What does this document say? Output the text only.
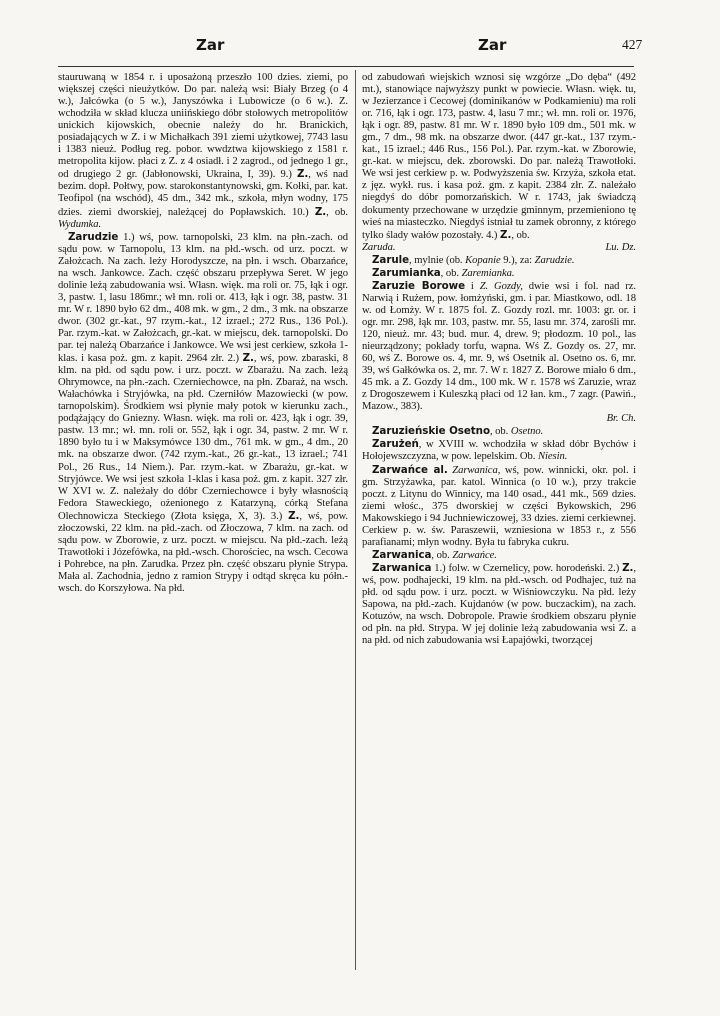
Zar	Zar	427

stauruwaną w 1854 r. i uposażoną przeszło 100 dzies. ziemi, po większej części nieużytków. Do par. należą wsi: Biały Brzeg (o 4 w.), Jałcówka (o 5 w.), Janyszówka i Lubowicze (o 6 w.). Z. wchodziła w skład klucza uniińskiego dóbr stołowych metropolitów unickich kijowskich, obecnie należy do hr. Branickich, posiadających w Z. i w Michałkach 391 ziemi użytkowej, 7743 lasu i 1383 nieuż. Podług reg. pobor. wwdztwa kijowskiego z 1581 r. metropolita kijow. płaci z Z. z 4 osiadł. i 2 zagrod., od jednego 1 gr., od drugiego 2 gr. (Jabłonowski, Ukraina, I, 39). 9.) Z., wś nad bezim. dopł. Połtwy, pow. starokonstantynowski, gm. Kołki, par. kat. Teofipol (na wschód), 45 dm., 342 mk., szkoła, młyn wodny, 175 dzies. ziemi dworskiej, należącej do Popławskich. 10.) Z., ob. Wydumka.

Zarudzie 1.) wś, pow. tarnopolski, 23 klm. na płn.-zach. od sądu pow. w Tarnopolu, 13 klm. na płd.-wsch. od urz. poczt. w Założcach. Na zach. leży Horodyszcze, na płn. i wsch. Obarzańce, na wsch. Jankowce. Zach. część obszaru przepływa Seret. W jego dolinie leżą zabudowania wsi. Własn. więk. ma roli or. 75, łąk i ogr. 3, pastw. 1, lasu 186mr.; wł mn. roli or. 413, łąk i ogr. 38, pastw. 31 mr. W r. 1890 było 62 dm., 408 mk. w gm., 2 dm., 3 mk. na obszarze dwor. (302 gr.-kat., 97 rzym.-kat., 12 izrael.; 272 Rus., 136 Pol.). Par. rzym.-kat. w Założcach, gr.-kat. w miejscu, dek. tarnopolski. Do par. tej należą Obarzańce i Jankowce. We wsi jest cerkiew, szkoła 1-klas. i kasa poż. gm. z kapit. 2964 złr. 2.) Z., wś, pow. zbaraski, 8 klm. na płd. od sądu pow. i urz. poczt. w Zbarażu. Na zach. leżą Ohrymowce, na płn.-zach. Czerniechowce, na płn. Zbaraż, na wsch. Wałachówka i Stryjówka, na płd. Czerniłów Mazowiecki (w pow. tarnopolskim). Środkiem wsi płynie mały potok w kierunku zach., podążający do Gniezny. Własn. więk. ma roli or. 423, łąk i ogr. 39, pastw. 13 mr.; wł. mn. roli or. 552, łąk i ogr. 34, pastw. 2 mr. W r. 1890 było tu i w Maksymówce 130 dm., 761 mk. w gm., 4 dm., 20 mk. na obszarze dwor. (742 rzym.-kat., 26 gr.-kat., 13 izrael.; 741 Pol., 26 Rus., 14 Niem.). Par. rzym.-kat. w Zbarażu, gr.-kat. w Stryjówce. We wsi jest szkoła 1-klas i kasa poż. gm. z kapit. 327 złr. W XVI w. Z. należały do dóbr Czerniechowce i były własnością Fedora Staweckiego, ożenionego z Katarzyną, córką Stefana Olechnowicza Steckiego (Złota księga, X, 3). 3.) Z., wś, pow. złoczowski, 22 klm. na płd.-zach. od Złoczowa, 7 klm. na zach. od sądu pow. w Zborowie, z urz. poczt. w miejscu. Na płd.-zach. leżą Trawotłoki i Józefówka, na płd.-wsch. Chorościec, na wsch. Cecowa i Pohrebce, na płn. Zarudka. Przez płn. część obszaru płynie Strypa. Mała al. Zachodnia, jedno z ramion Strypy i odtąd skręca ku półn.-wsch. do Korszyłowa. Na płd.

od zabudowań wiejskich wznosi się wzgórze „Do dęba“ (492 mt.), stanowiące najwyższy punkt w powiecie. Własn. więk. tu, w Jezierzance i Cecowej (dominikanów w Podkamieniu) ma roli or. 716, łąk i ogr. 173, pastw. 4, lasu 7 mr.; wł. mn. roli or. 1976, łąk i ogr. 89, pastw. 81 mr. W r. 1890 było 109 dm., 501 mk. w gm., 7 dm., 98 mk. na obszarze dwor. (447 gr.-kat., 137 rzym.-kat., 15 izrael.; 446 Rus., 156 Pol.). Par. rzym.-kat. w Zborowie, gr.-kat. w miejscu, dek. zborowski. Do par. należą Trawotłoki. We wsi jest cerkiew p. w. Podwyższenia św. Krzyża, szkoła etat. z jęz. wykł. rus. i kasa poż. gm. z kapit. 2384 złr. Z. należało niegdyś do dóbr pomorzańskich. W r. 1743, jak świadczą dokumenty przechowane w urzędzie gminnym, przemieniono tę wieś na miasteczko. Niegdyś istniał tu zamek obronny, z którego tylko ślady wałów pozostały. 4.) Z., ob.

Zaruda.	Lu. Dz.

Zarule, mylnie (ob. Kopanie 9.), za: Zarudzie.

Zarumianka, ob. Zaremianka.

Zaruzie Borowe i Z. Gozdy, dwie wsi i fol. nad rz. Narwią i Rużem, pow. łomżyński, gm. i par. Miastkowo, odl. 18 w. od Łomży. W r. 1875 fol. Z. Gozdy rozl. mr. 1003: gr. or. i ogr. mr. 298, łąk mr. 103, pastw. mr. 55, lasu mr. 374, zarośli mr. 120, nieuż. mr. 43; bud. mur. 4, drew. 9; płodozm. 10 pol., las nieurządzony; pokłady torfu, wapna. Wś Z. Gozdy os. 27, mr. 60, wś Z. Borowe os. 4, mr. 9, wś Osetnik al. Osetno os. 6, mr. 39, wś Gałkówka os. 2, mr. 7. W r. 1827 Z. Borowe miało 6 dm., 45 mk. a Z. Gozdy 14 dm., 100 mk. W r. 1578 wś Zaruzie, wraz z Drogoszewem i Kuleszką płaci od 12 łan. km., 7 zagr. (Pawiń., Mazow., 383).

Br. Ch.

Zaruzieńskie Osetno, ob. Osetno.

Zarużeń, w XVIII w. wchodziła w skład dóbr Bychów i Hołojewszczyzna, w pow. lepelskim. Ob. Niesin.

Zarwańce al. Zarwanica, wś, pow. winnicki, okr. pol. i gm. Strzyżawka, par. katol. Winnica (o 10 w.), przy trakcie poczt. z Litynu do Winnicy, ma 140 osad., 441 mk., 569 dzies. ziemi włośc., 375 dworskiej w części Bykowskich, 296 Makowskiego i 94 Juchniewiczowej, 33 dzies. ziemi cerkiewnej. Cerkiew p. w. św. Paraszewii, wzniesiona w 1853 r., z 556 parafianami; młyn wodny. Była tu fabryka cukru.

Zarwanica, ob. Zarwańce.

Zarwanica 1.) folw. w Czernelicy, pow. horodeński. 2.) Z., wś, pow. podhajecki, 19 klm. na płd.-wsch. od Podhajec, tuż na płd. od sądu pow. i urz. poczt. w Wiśniowczyku. Na płd. leży Sapowa, na płd.-zach. Kujdanów (w pow. buczackim), na zach. Kotuzów, na wsch. Dobropole. Prawie środkiem obszaru płynie od płn. na płd. Strypa. W jej dolinie leżą zabudowania wsi Z. a na płd. od nich zabudowania wsi Łapajówki, tworzącej
